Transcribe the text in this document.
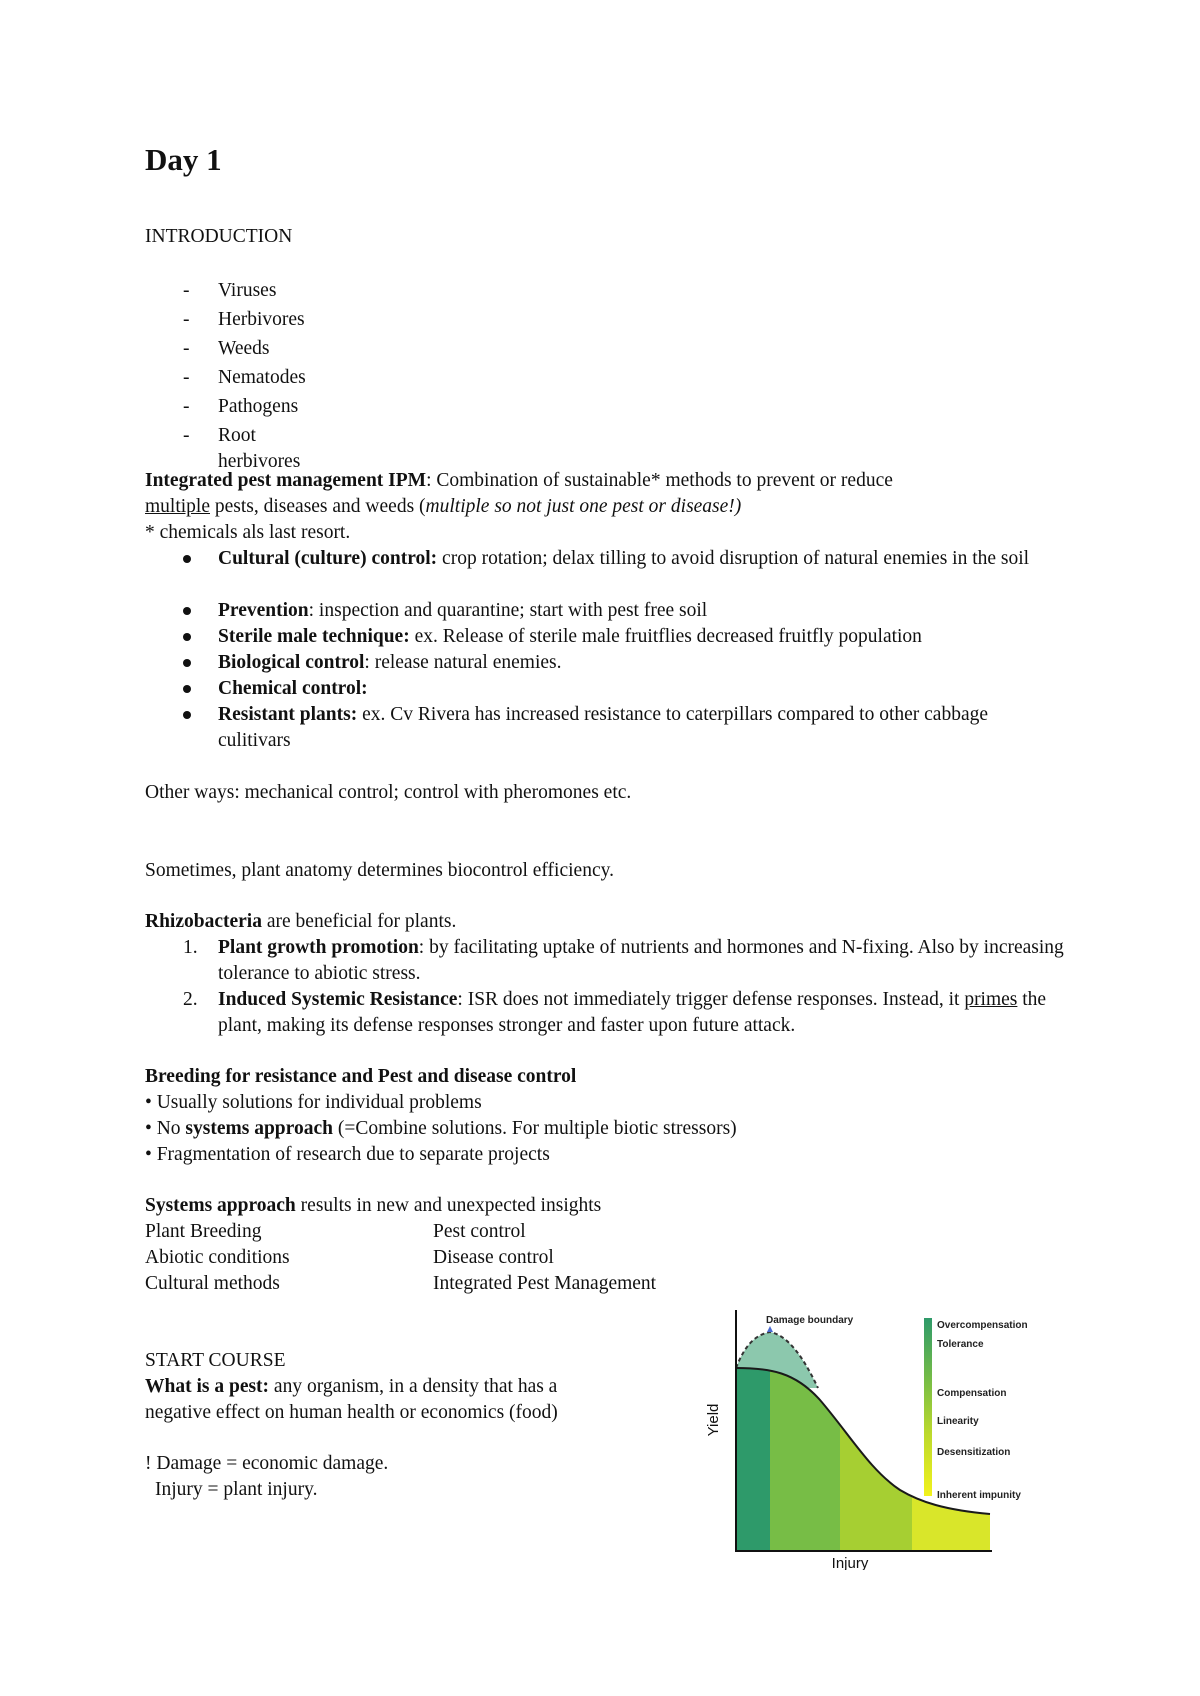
Day 1
INTRODUCTION
- Viruses
- Herbivores
- Weeds
- Nematodes
- Pathogens
- Root herbivores
Integrated pest management IPM: Combination of sustainable* methods to prevent or reduce
multiple pests, diseases and weeds (multiple so not just one pest or disease!)
* chemicals als last resort.
Cultural (culture) control: crop rotation; delax tilling to avoid disruption of natural enemies in the soil
Prevention: inspection and quarantine; start with pest free soil
Sterile male technique: ex. Release of sterile male fruitflies decreased fruitfly population
Biological control: release natural enemies.
Chemical control:
Resistant plants: ex. Cv Rivera has increased resistance to caterpillars compared to other cabbage culitivars
Other ways: mechanical control; control with pheromones etc.
Sometimes, plant anatomy determines biocontrol efficiency.
Rhizobacteria are beneficial for plants.
1. Plant growth promotion: by facilitating uptake of nutrients and hormones and N-fixing. Also by increasing tolerance to abiotic stress.
2. Induced Systemic Resistance: ISR does not immediately trigger defense responses. Instead, it primes the plant, making its defense responses stronger and faster upon future attack.
Breeding for resistance and Pest and disease control
• Usually solutions for individual problems
• No systems approach (=Combine solutions. For multiple biotic stressors)
• Fragmentation of research due to separate projects
Systems approach results in new and unexpected insights
Plant Breeding	Pest control
Abiotic conditions	Disease control
Cultural methods	Integrated Pest Management
START COURSE
What is a pest: any organism, in a density that has a
negative effect on human health or economics (food)
! Damage = economic damage.
Injury = plant injury.
Yield
Injury
Damage boundary	Overcompensation
Tolerance
Compensation
Linearity
Desensitization
Inherent impunity
